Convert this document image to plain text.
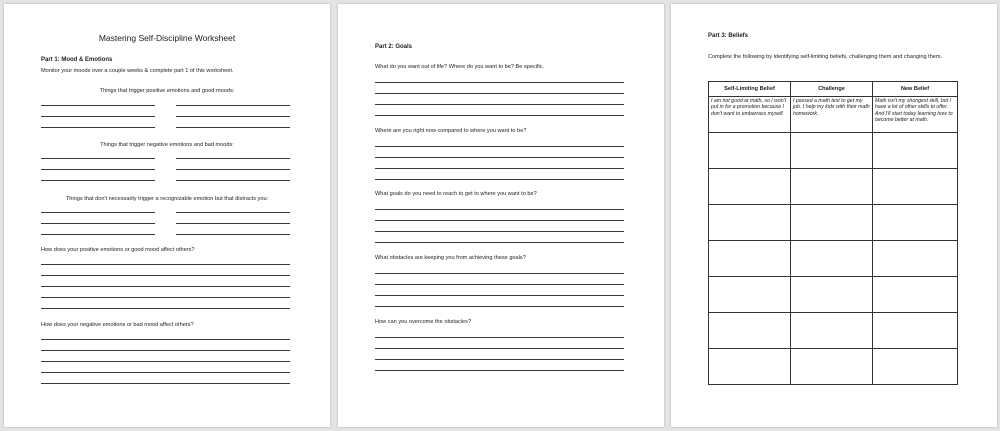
Mastering Self-Discipline Worksheet
Part 1: Mood & Emotions
Monitor your moods over a couple weeks & complete part 1 of this worksheet.
Things that trigger positive emotions and good moods:
Things that trigger negative emotions and bad moods:
Things that don't necessarily trigger a recognizable emotion but that distracts you:
How does your positive emotions or good mood affect others?
How does your negative emotions or bad mood affect others?
Part 2: Goals
What do you want out of life? Where do you want to be? Be specific.
Where are you right now compared to where you want to be?
What goals do you need to reach to get to where you want to be?
What obstacles are keeping you from achieving these goals?
How can you overcome the obstacles?
Part 3: Beliefs
Complete the following by identifying self-limiting beliefs, challenging them and changing them.
Self-Limiting Belief	Challenge	New Belief
I am not good at math, so I won't put in for a promotion because I don't want to embarrass myself.	I passed a math test to get my job. I help my kids with their math homework.	Math isn't my shongest skill, but I have a lot of other skills to offer. And I'll start today learning how to become better at math.
